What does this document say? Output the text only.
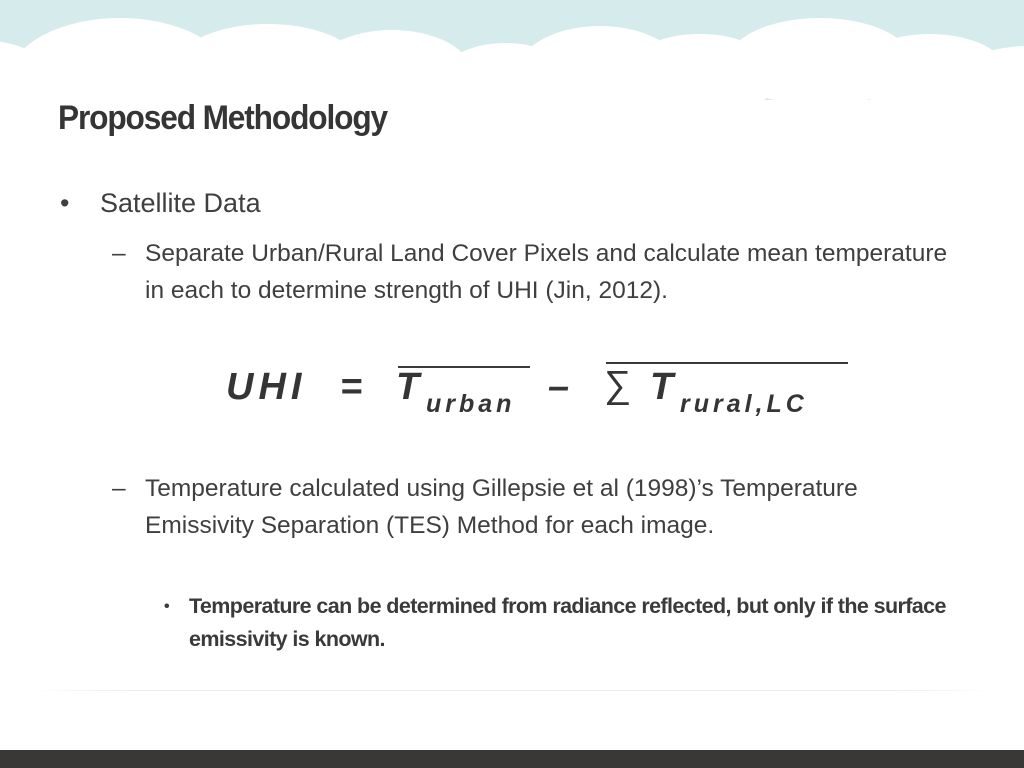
Proposed Methodology
• Satellite Data
– Separate Urban/Rural Land Cover Pixels and calculate mean temperature in each to determine strength of UHI (Jin, 2012).
UHI = T urban – ∑ T rural,LC
– Temperature calculated using Gillepsie et al (1998)’s Temperature Emissivity Separation (TES) Method for each image.
• Temperature can be determined from radiance reflected, but only if the surface emissivity is known.
